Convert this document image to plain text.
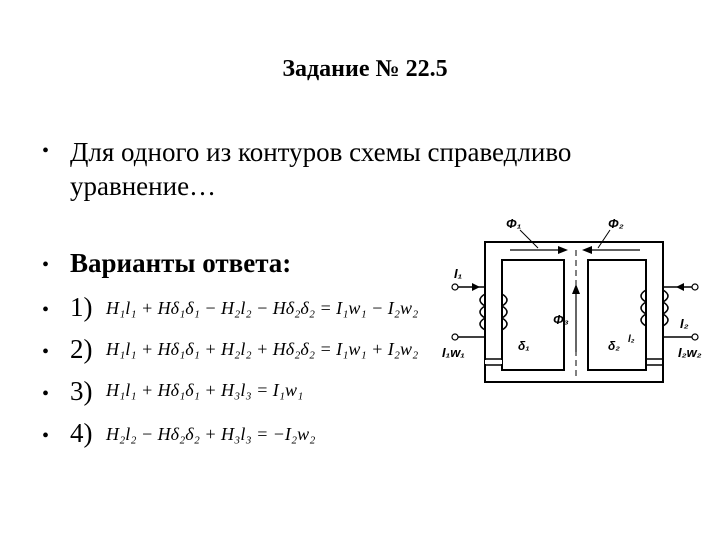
Задание № 22.5
• Для одного из контуров схемы справедливо уравнение…
• Варианты ответа:
• 1) H₁l₁ + Hδ₁δ₁ − H₂l₂ − Hδ₂δ₂ = I₁w₁ − I₂w₂
• 2) H₁l₁ + Hδ₁δ₁ + H₂l₂ + Hδ₂δ₂ = I₁w₁ + I₂w₂
• 3) H₁l₁ + Hδ₁δ₁ + H₃l₃ = I₁w₁
• 4) H₂l₂ − Hδ₂δ₂ + H₃l₃ = −I₂w₂
Φ₁	Φ₂
Φ₃
I₁
I₂
I₁w₁	I₂w₂
δ₁	δ₂ l₂
